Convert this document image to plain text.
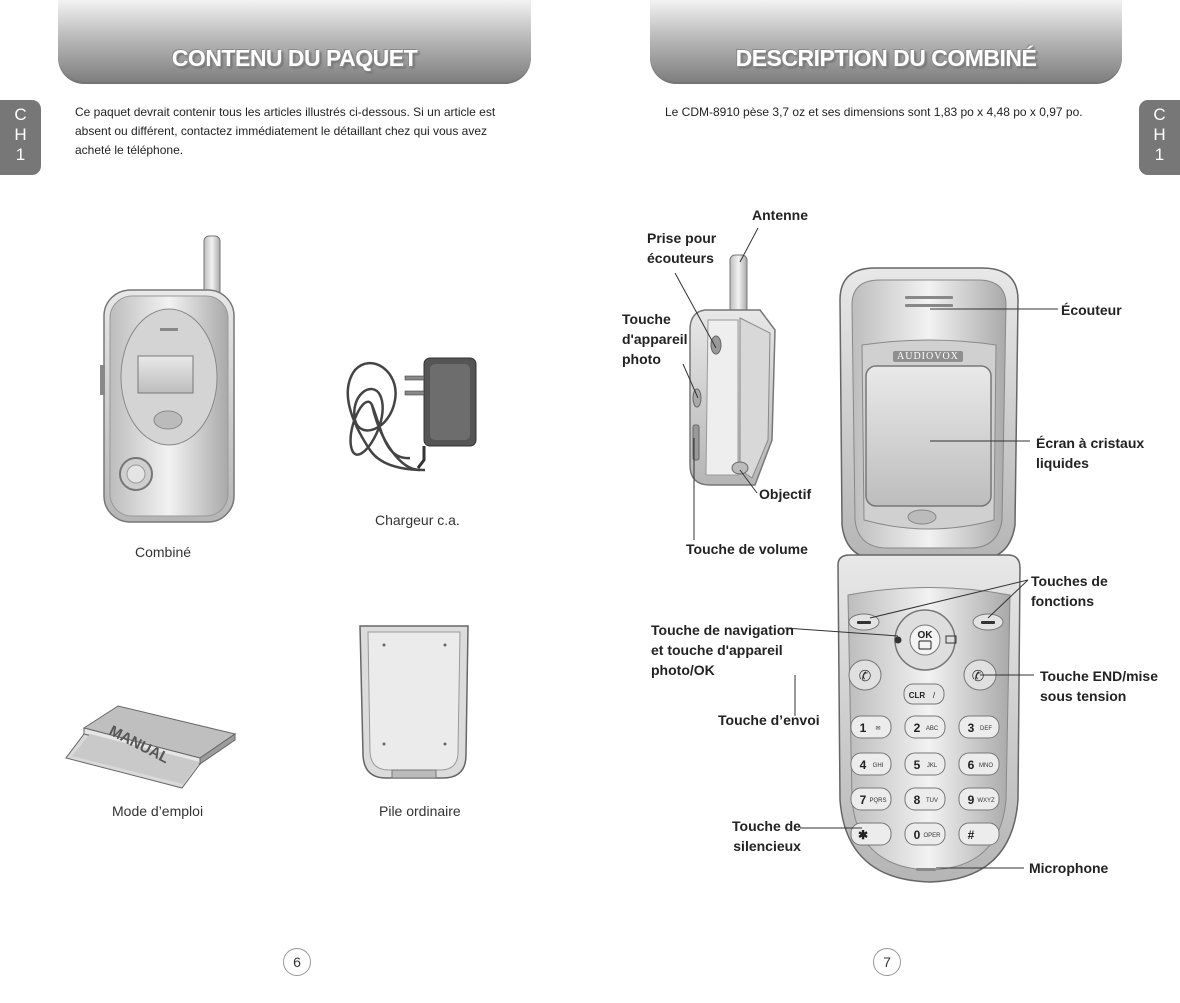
CONTENU DU PAQUET
C
H
1
Ce paquet devrait contenir tous les articles illustrés ci-dessous. Si un article est absent ou différent, contactez immédiatement le détaillant chez qui vous avez acheté le téléphone.
MANUAL
Combiné
Chargeur c.a.
Mode d’emploi	Pile ordinaire
6
DESCRIPTION DU COMBINÉ
C
H
1
Le CDM-8910 pèse 3,7 oz et ses dimensions sont 1,83 po x 4,48 po x 0,97 po.
OK
✆	✆
CLR /
1 ✉	2 ABC 3 DEF
4 GHI	5 JKL	6 MNO
7 PQRS 8 TUV 9 WXYZ
✱	0 OPER #
AUDIOVOX
Antenne
Prise pour
écouteurs
Touche
d'appareil
photo
Objectif
Touche de volume
Touche de navigation
et touche d'appareil
photo/OK
Touche d’envoi
Touche de
silencieux
Écouteur
Écran à cristaux
liquides
Touches de
fonctions
Touche END/mise
sous tension
Microphone
7
